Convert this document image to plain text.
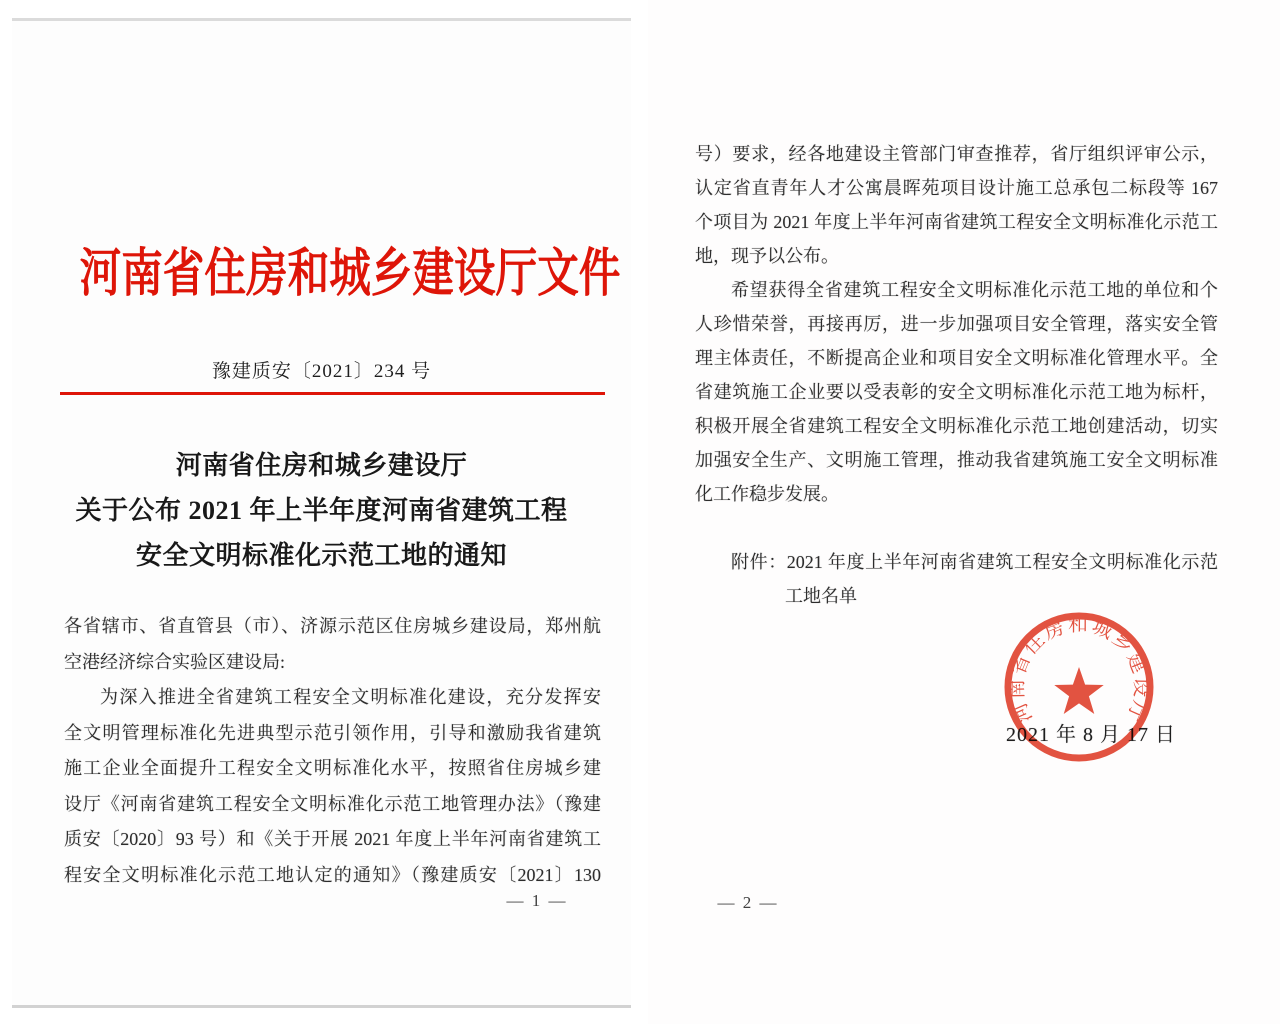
河南省住房和城乡建设厅文件
豫建质安〔2021〕234 号
河南省住房和城乡建设厅
关于公布 2021 年上半年度河南省建筑工程
安全文明标准化示范工地的通知
各省辖市、省直管县（市）、济源示范区住房城乡建设局，郑州航
空港经济综合实验区建设局:
为深入推进全省建筑工程安全文明标准化建设，充分发挥安
全文明管理标准化先进典型示范引领作用，引导和激励我省建筑
施工企业全面提升工程安全文明标准化水平，按照省住房城乡建
设厅《河南省建筑工程安全文明标准化示范工地管理办法》（豫建
质安〔2020〕93 号）和《关于开展 2021 年度上半年河南省建筑工
程安全文明标准化示范工地认定的通知》（豫建质安〔2021〕130
— 1 —
号）要求，经各地建设主管部门审查推荐，省厅组织评审公示，
认定省直青年人才公寓晨晖苑项目设计施工总承包二标段等 167
个项目为 2021 年度上半年河南省建筑工程安全文明标准化示范工
地，现予以公布。
希望获得全省建筑工程安全文明标准化示范工地的单位和个
人珍惜荣誉，再接再厉，进一步加强项目安全管理，落实安全管
理主体责任，不断提高企业和项目安全文明标准化管理水平。全
省建筑施工企业要以受表彰的安全文明标准化示范工地为标杆，
积极开展全省建筑工程安全文明标准化示范工地创建活动，切实
加强安全生产、文明施工管理，推动我省建筑施工安全文明标准
化工作稳步发展。
附件：2021 年度上半年河南省建筑工程安全文明标准化示范
工地名单
2021 年 8 月 17 日
河南省住房和城乡建设厅
— 2 —
